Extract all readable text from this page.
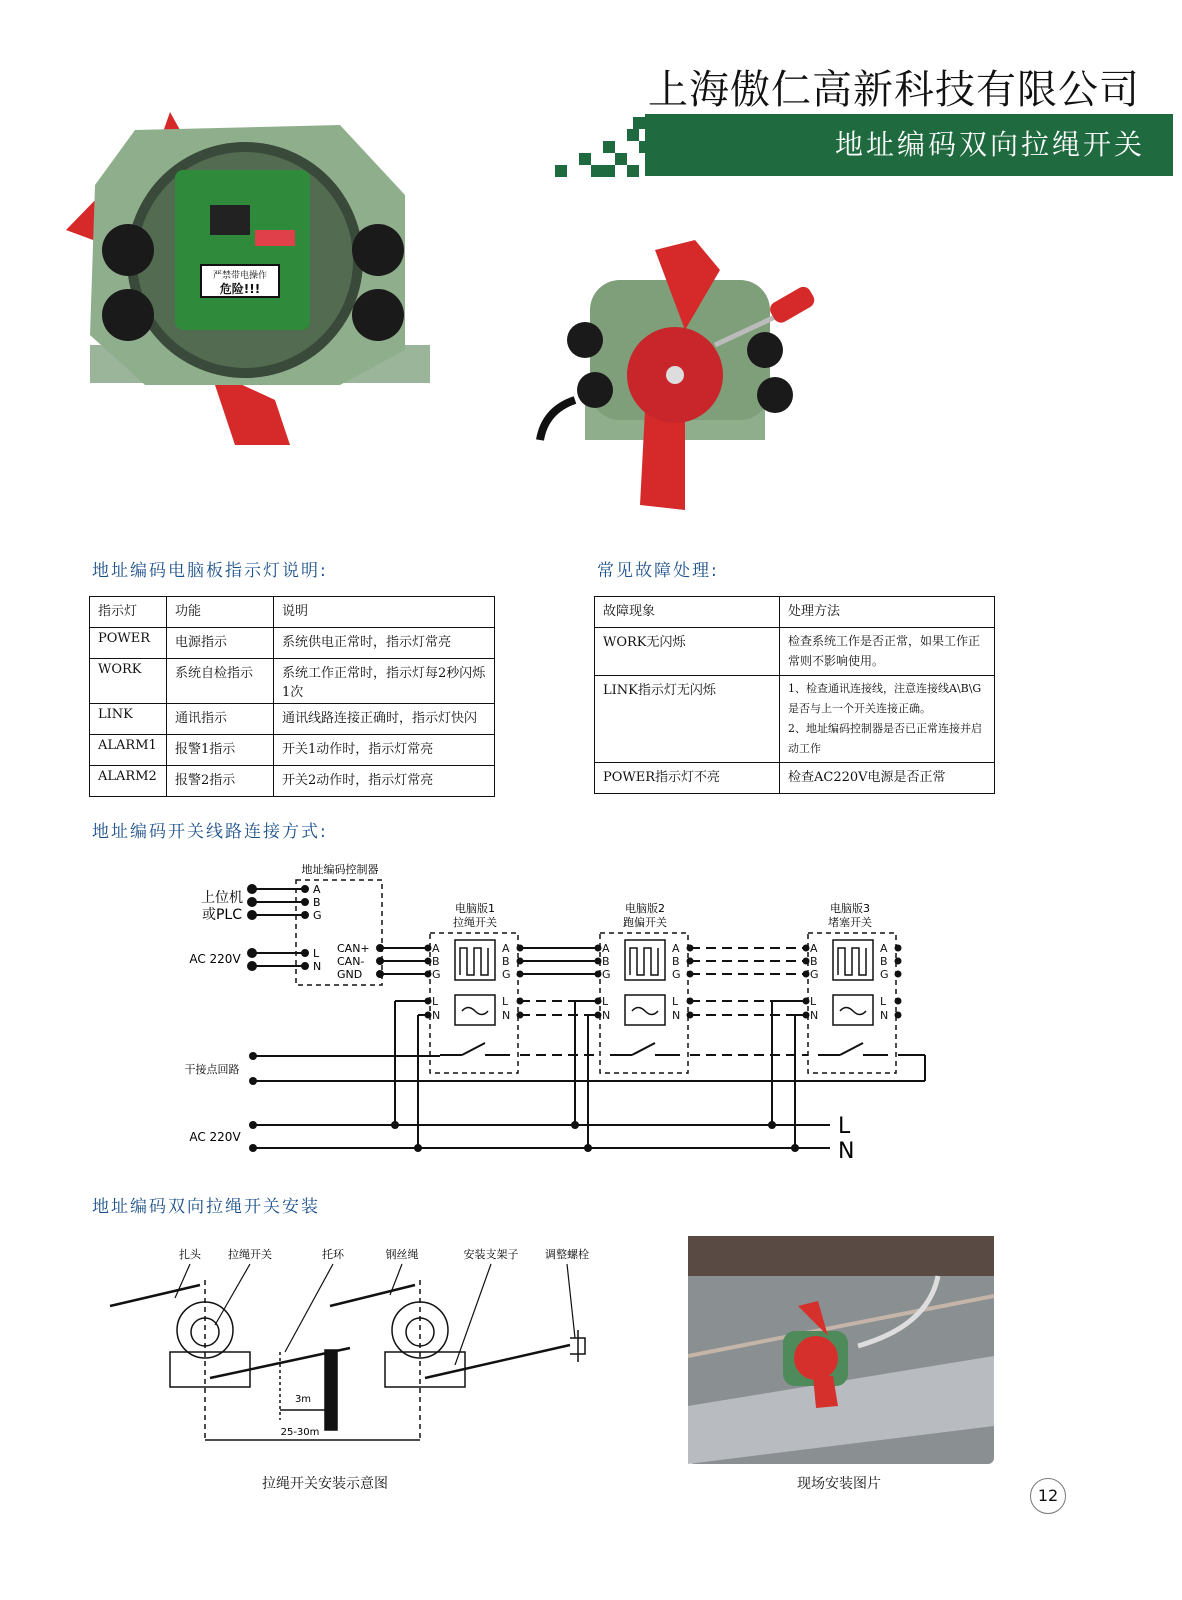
上海傲仁高新科技有限公司
地址编码双向拉绳开关
严禁带电操作
危险!!!
地址编码电脑板指示灯说明:
指示灯	功能	说明
POWER	电源指示	系统供电正常时，指示灯常亮
WORK	系统自检指示	系统工作正常时，指示灯每2秒闪烁1次
LINK	通讯指示	通讯线路连接正确时，指示灯快闪
ALARM1	报警1指示	开关1动作时，指示灯常亮
ALARM2	报警2指示	开关2动作时，指示灯常亮
常见故障处理:
故障现象	处理方法
WORK无闪烁	检查系统工作是否正常，如果工作正常则不影响使用。
LINK指示灯无闪烁	1、检查通讯连接线，注意连接线A\B\G是否与上一个开关连接正确。
2、地址编码控制器是否已正常连接并启动工作
POWER指示灯不亮	检查AC220V电源是否正常
地址编码开关线路连接方式:
地址编码控制器
上位机
或PLC
AC 220V
A
B
G
L
N
CAN+
CAN-
GND
电脑版1
拉绳开关
电脑版2
跑偏开关
电脑版3
堵塞开关
A
B
G
A
B
G
A
B
G
A
B
G
A
B
G
A
B
G
L
N
L
N
L
N
L
N
L
N
L
N
干接点回路
AC 220V	L
N
地址编码双向拉绳开关安装
扎头 拉绳开关	托环	钢丝绳	安装支架子 调整螺栓
3m
25-30m
拉绳开关安装示意图	现场安装图片
12
